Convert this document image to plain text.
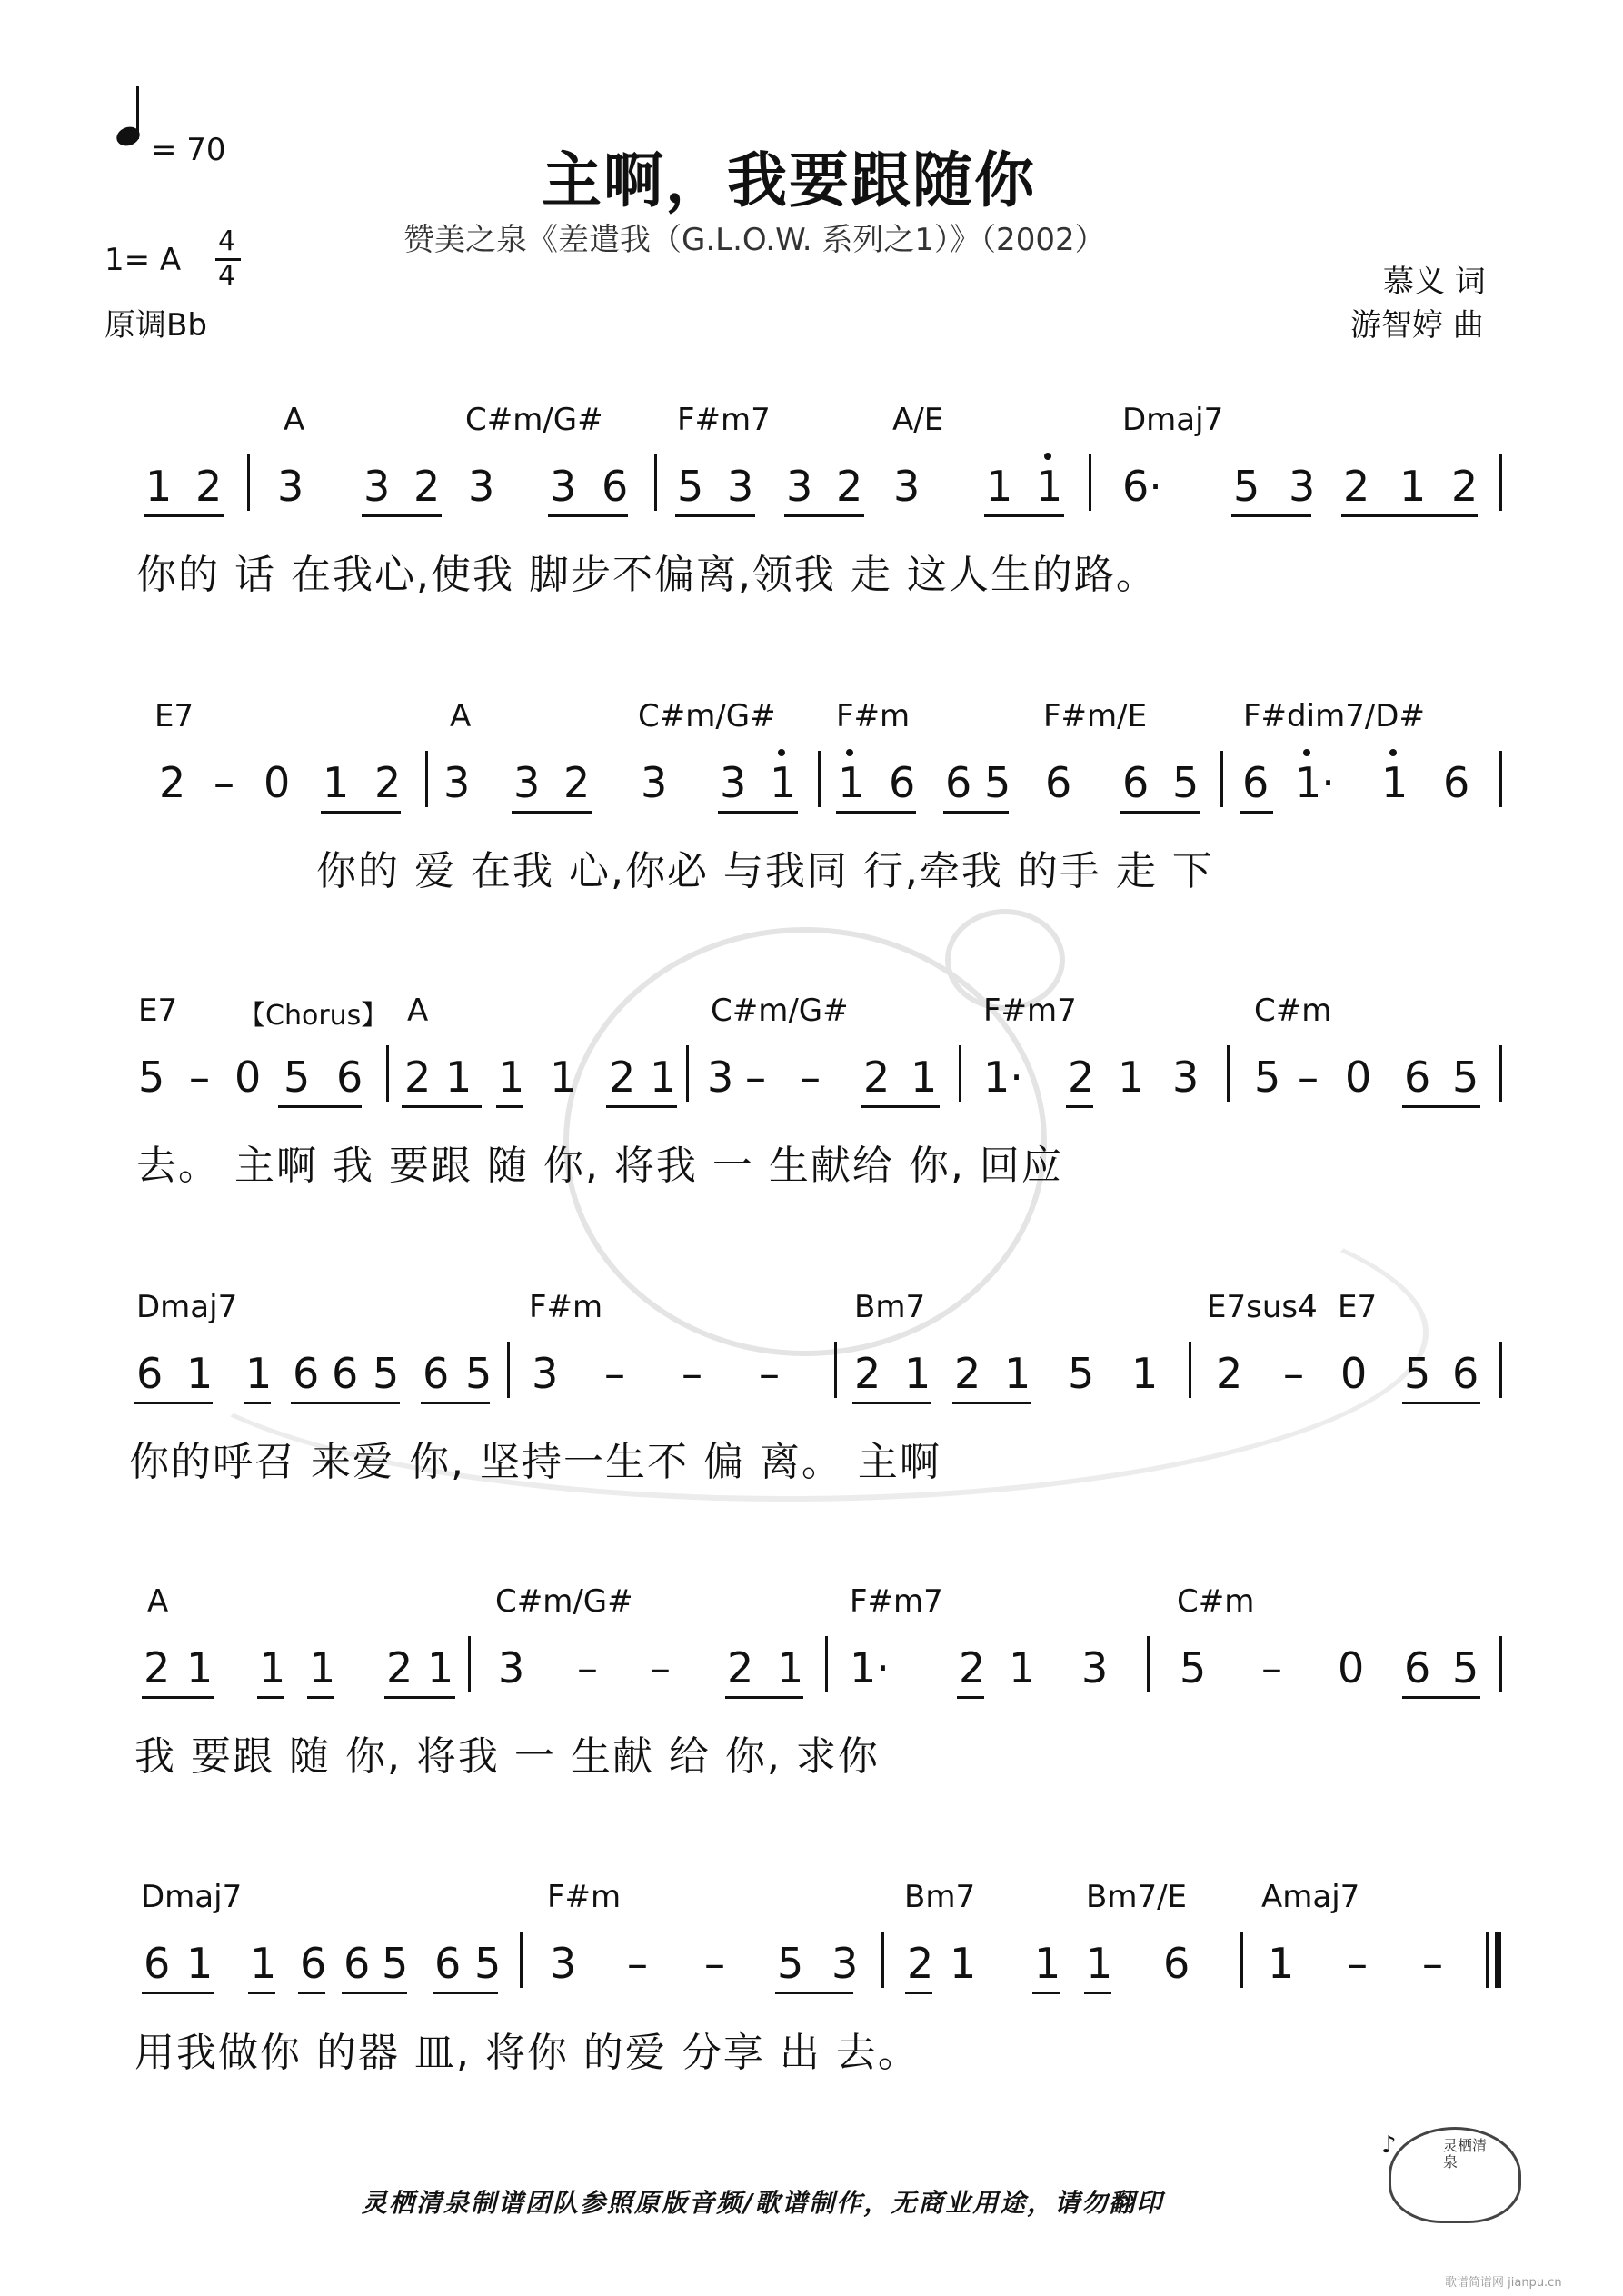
= 70	主啊，我要跟随你
赞美之泉《差遣我（G.L.O.W. 系列之1）》（2002）
1= A
4
4
原调Bb
慕义 词
游智婷 曲
A	C#m/G# F#m7	A/E	Dmaj7
1 2 3 3 2 3 3 6 5 3 3 2 3 1 1 6· 5 3 2 1 2
你的 话 在我心,使我 脚步不偏离,领我 走 这人生的路。
E7	A	C#m/G# F#m	F#m/E	F#dim7/D#
2 – 0 1 2 3 3 2 3 3 1 1 6 6 5 6 6 5 6 1· 1 6
你的 爱 在我 心,你必 与我同 行,牵我 的手 走 下
E7 【Chorus】 A	C#m/G#	F#m7	C#m
5 – 0 5 6 2 1 1 1 2 1 3 – – 2 1 1· 2 1 3 5 – 0 6 5
去。 主啊 我 要跟 随 你, 将我 一 生献给 你, 回应
Dmaj7	F#m	Bm7	E7sus4 E7
6 1 1 6 6 5 6 5 3 – – – 2 1 2 1 5 1 2 – 0 5 6
你的呼召 来爱 你, 坚持一生不 偏 离。 主啊
A	C#m/G#	F#m7	C#m
2 1 1 1 2 1 3 – – 2 1 1· 2 1 3 5 – 0 6 5
我 要跟 随 你, 将我 一 生献 给 你, 求你
Dmaj7	F#m	Bm7	Bm7/E Amaj7
6 1 1 6 6 5 6 5 3 – – 5 3 2 1 1 1 6 1 – –
用我做你 的器 皿, 将你 的爱 分享 出 去。
灵栖清泉制谱团队参照原版音频/歌谱制作，无商业用途，请勿翻印
灵栖清泉
♪
歌谱简谱网 jianpu.cn
